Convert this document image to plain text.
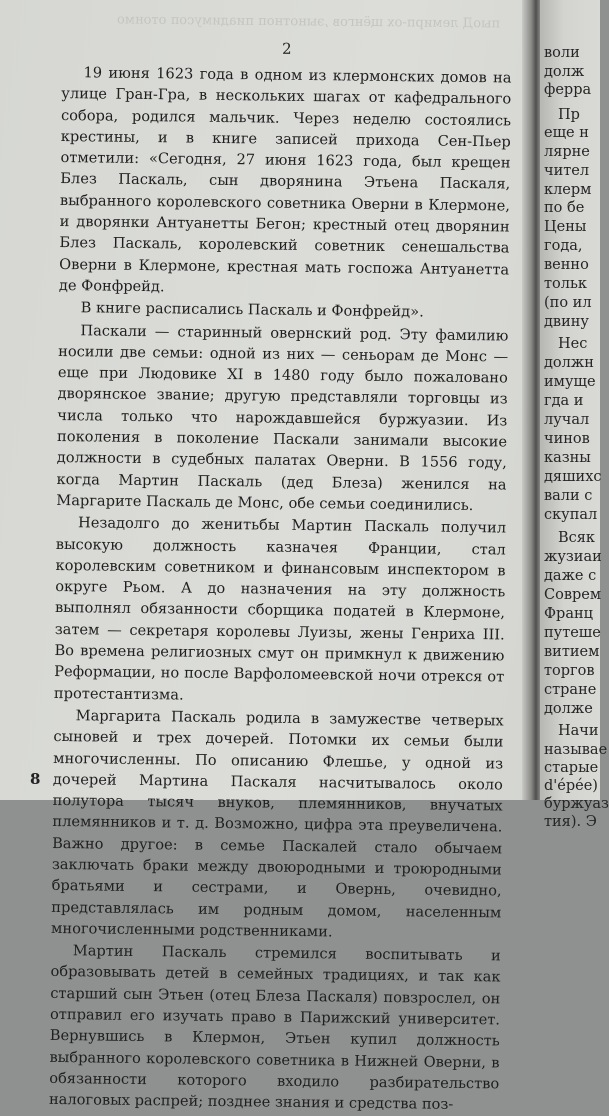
пыоД лемирп-ох щёнгов ,эынотноп пиадимусоп отонмо
2

19 июня 1623 года в одном из клермонских домов на улице Гран-Гра, в нескольких шагах от кафедрального собора, родился мальчик. Через неделю состоялись крестины, и в книге записей прихода Сен-Пьер отметили: «Сегодня, 27 июня 1623 года, был крещен Блез Паскаль, сын дворянина Этьена Паскаля, выбранного королевского советника Оверни в Клермоне, и дворянки Антуанетты Бегон; крестный отец дворянин Блез Паскаль, королевский советник сенешальства Оверни в Клермоне, крестная мать госпожа Антуанетта де Фонфрейд.

В книге расписались Паскаль и Фонфрейд».

Паскали — старинный овернский род. Эту фамилию носили две семьи: одной из них — сеньорам де Монс — еще при Людовике XI в 1480 году было пожаловано дворянское звание; другую представляли торговцы из числа только что нарождавшейся буржуазии. Из поколения в поколение Паскали занимали высокие должности в судебных палатах Оверни. В 1556 году, когда Мартин Паскаль (дед Блеза) женился на Маргарите Паскаль де Монс, обе семьи соединились.

Незадолго до женитьбы Мартин Паскаль получил высокую должность казначея Франции, стал королевским советником и финансовым инспектором в округе Рьом. А до назначения на эту должность выполнял обязанности сборщика податей в Клермоне, затем — секретаря королевы Луизы, жены Генриха III. Во времена религиозных смут он примкнул к движению Реформации, но после Варфоломеевской ночи отрекся от протестантизма.

Маргарита Паскаль родила в замужестве четверых сыновей и трех дочерей. Потомки их семьи были многочисленны. По описанию Флешье, у одной из дочерей Мартина Паскаля насчитывалось около полутора тысяч внуков, племянников, внучатых племянников и т. д. Возможно, цифра эта преувеличена. Важно другое: в семье Паскалей стало обычаем заключать браки между двоюродными и троюродными братьями и сестрами, и Овернь, очевидно, представлялась им родным домом, населенным многочисленными родственниками.

Мартин Паскаль стремился воспитывать и образовывать детей в семейных традициях, и так как старший сын Этьен (отец Блеза Паскаля) повзрослел, он отправил его изучать право в Парижский университет. Вернувшись в Клермон, Этьен купил должность выбранного королевского советника в Нижней Оверни, в обязанности которого входило разбирательство налоговых распрей; позднее знания и средства поз-

8
воли
долж
ферра
Пр
еще н
лярне
чител
клерм
по бе
Цены
года,
венно
тольк
(по ил
двину
Нес
должн
имуще
гда и
лучал
чинов
казны
дяшихс
вали с
скупал
Всяк
жузиаи
даже с
Соврем
Франц
путеше
витием
торгов
стране
долже
Начи
называе
старые
d'épée)
буржуаз
тия). Э
